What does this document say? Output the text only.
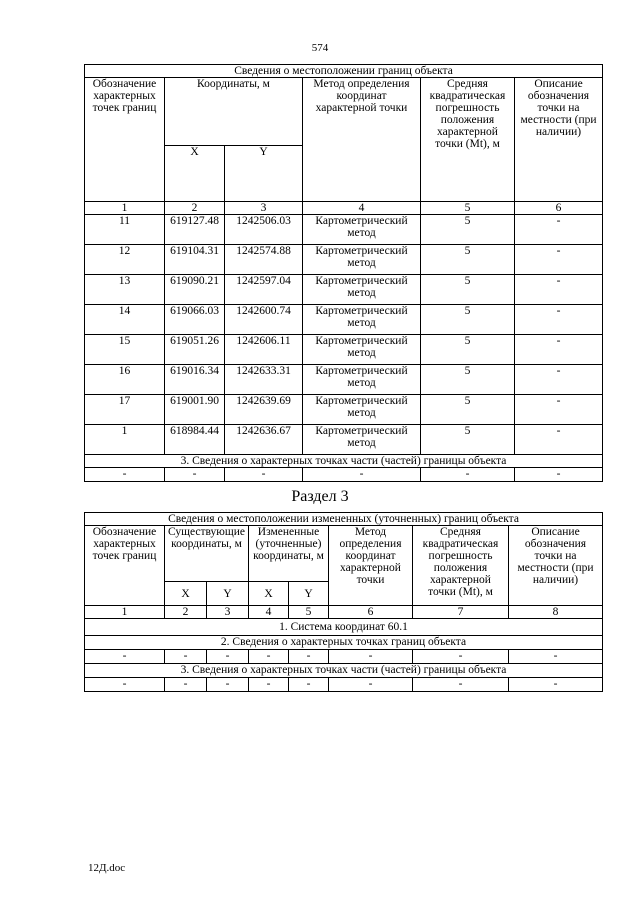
574
Сведения о местоположении границ объекта					
Обозначение характерных точек границ	Координаты, м		Метод определения координат характерной точки	Средняя квадратическая погрешность положения характерной точки (Mt), м	Описание обозначения точки на местности (при наличии)
	X	Y			
1	2	3	4	5	6
11	619127.48	1242506.03	Картометрический метод	5	-
12	619104.31	1242574.88	Картометрический метод	5	-
13	619090.21	1242597.04	Картометрический метод	5	-
14	619066.03	1242600.74	Картометрический метод	5	-
15	619051.26	1242606.11	Картометрический метод	5	-
16	619016.34	1242633.31	Картометрический метод	5	-
17	619001.90	1242639.69	Картометрический метод	5	-
1	618984.44	1242636.67	Картометрический метод	5	-
3. Сведения о характерных точках части (частей) границы объекта					
-	-	-	-	-	-
Раздел 3
Сведения о местоположении измененных (уточненных) границ объекта							
Обозначение характерных точек границ	Существующие координаты, м		Измененные (уточненные) координаты, м		Метод определения координат характерной точки	Средняя квадратическая погрешность положения характерной точки (Mt), м	Описание обозначения точки на местности (при наличии)
	X	Y	X	Y			
1	2	3	4	5	6	7	8
1. Система координат 60.1							
2. Сведения о характерных точках границ объекта							
-	-	-	-	-	-	-	-
3. Сведения о характерных точках части (частей) границы объекта							
-	-	-	-	-	-	-	-
12Д.doc
